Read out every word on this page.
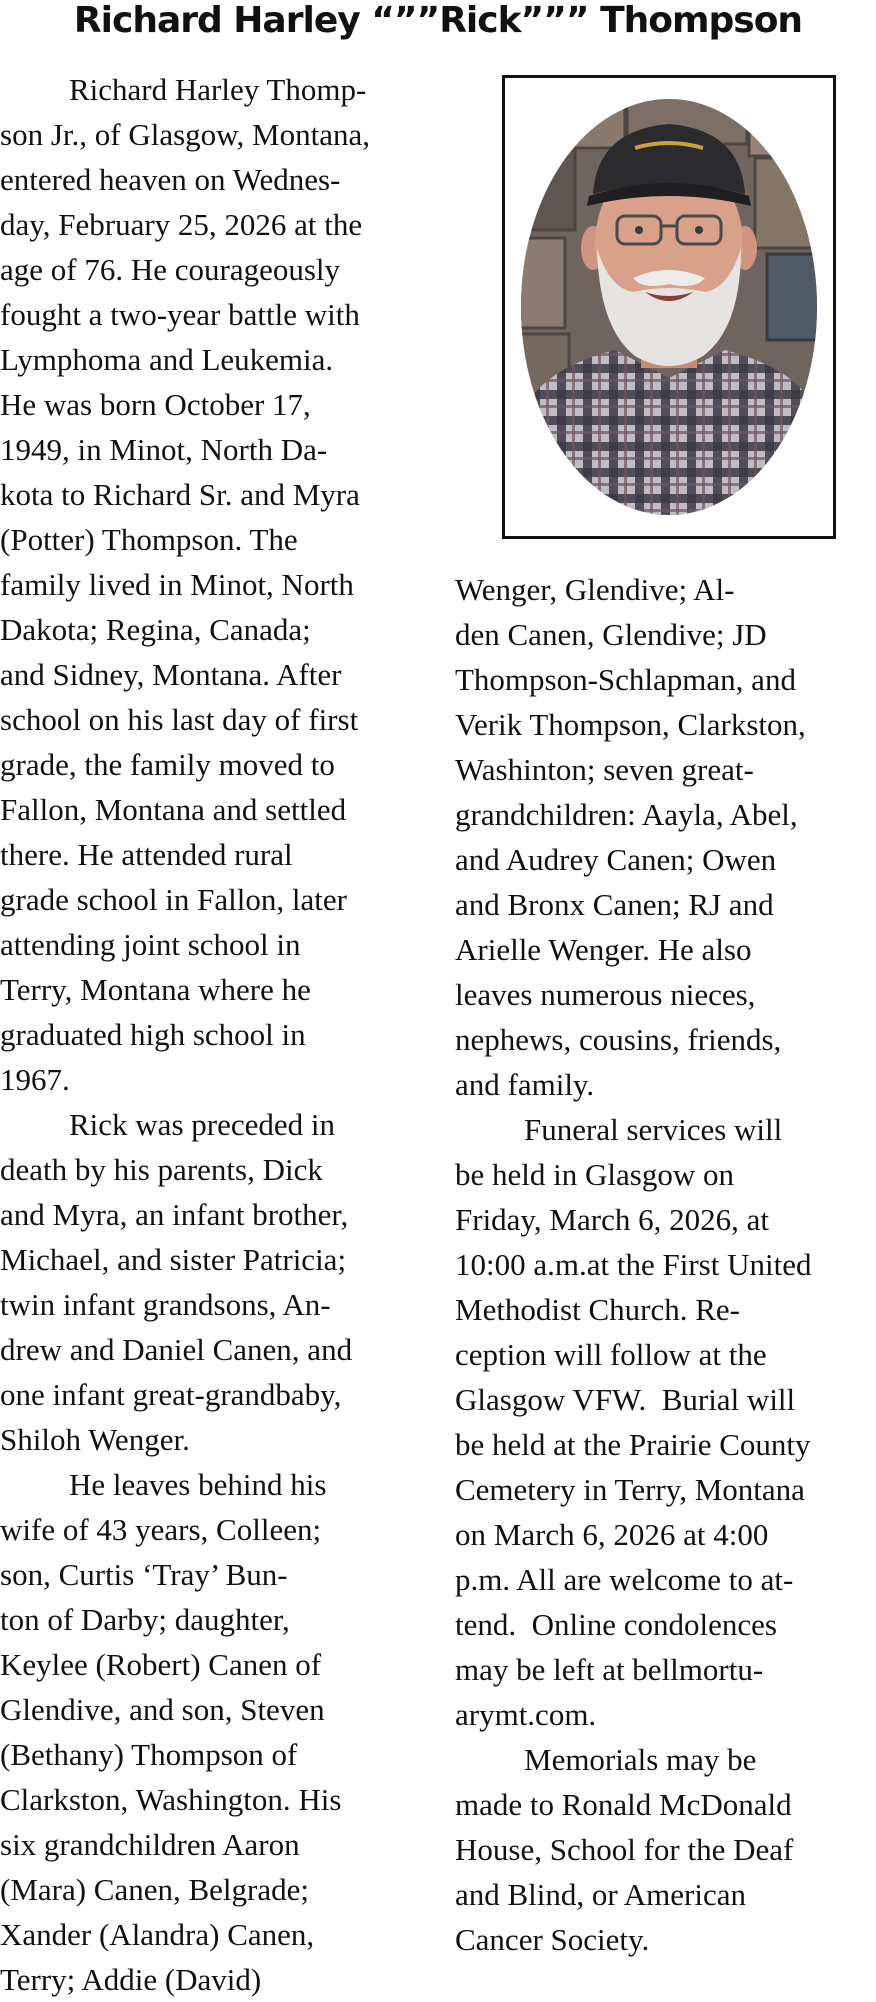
Richard Harley “””Rick””” Thompson
Richard Harley Thomp-
son Jr., of Glasgow, Montana,
entered heaven on Wednes-
day, February 25, 2026 at the
age of 76. He courageously
fought a two-year battle with
Lymphoma and Leukemia.
He was born October 17,
1949, in Minot, North Da-
kota to Richard Sr. and Myra
(Potter) Thompson. The
family lived in Minot, North
Dakota; Regina, Canada;
and Sidney, Montana. After
school on his last day of first
grade, the family moved to
Fallon, Montana and settled
there. He attended rural
grade school in Fallon, later
attending joint school in
Terry, Montana where he
graduated high school in
1967.
Rick was preceded in
death by his parents, Dick
and Myra, an infant brother,
Michael, and sister Patricia;
twin infant grandsons, An-
drew and Daniel Canen, and
one infant great-grandbaby,
Shiloh Wenger.
He leaves behind his
wife of 43 years, Colleen;
son, Curtis ‘Tray’ Bun-
ton of Darby; daughter,
Keylee (Robert) Canen of
Glendive, and son, Steven
(Bethany) Thompson of
Clarkston, Washington. His
six grandchildren Aaron
(Mara) Canen, Belgrade;
Xander (Alandra) Canen,
Terry; Addie (David)
Wenger, Glendive; Al-
den Canen, Glendive; JD
Thompson-Schlapman, and
Verik Thompson, Clarkston,
Washinton; seven great-
grandchildren: Aayla, Abel,
and Audrey Canen; Owen
and Bronx Canen; RJ and
Arielle Wenger. He also
leaves numerous nieces,
nephews, cousins, friends,
and family.
Funeral services will
be held in Glasgow on
Friday, March 6, 2026, at
10:00 a.m.at the First United
Methodist Church. Re-
ception will follow at the
Glasgow VFW.  Burial will
be held at the Prairie County
Cemetery in Terry, Montana
on March 6, 2026 at 4:00
p.m. All are welcome to at-
tend.  Online condolences
may be left at bellmortu-
arymt.com.
Memorials may be
made to Ronald McDonald
House, School for the Deaf
and Blind, or American
Cancer Society.
